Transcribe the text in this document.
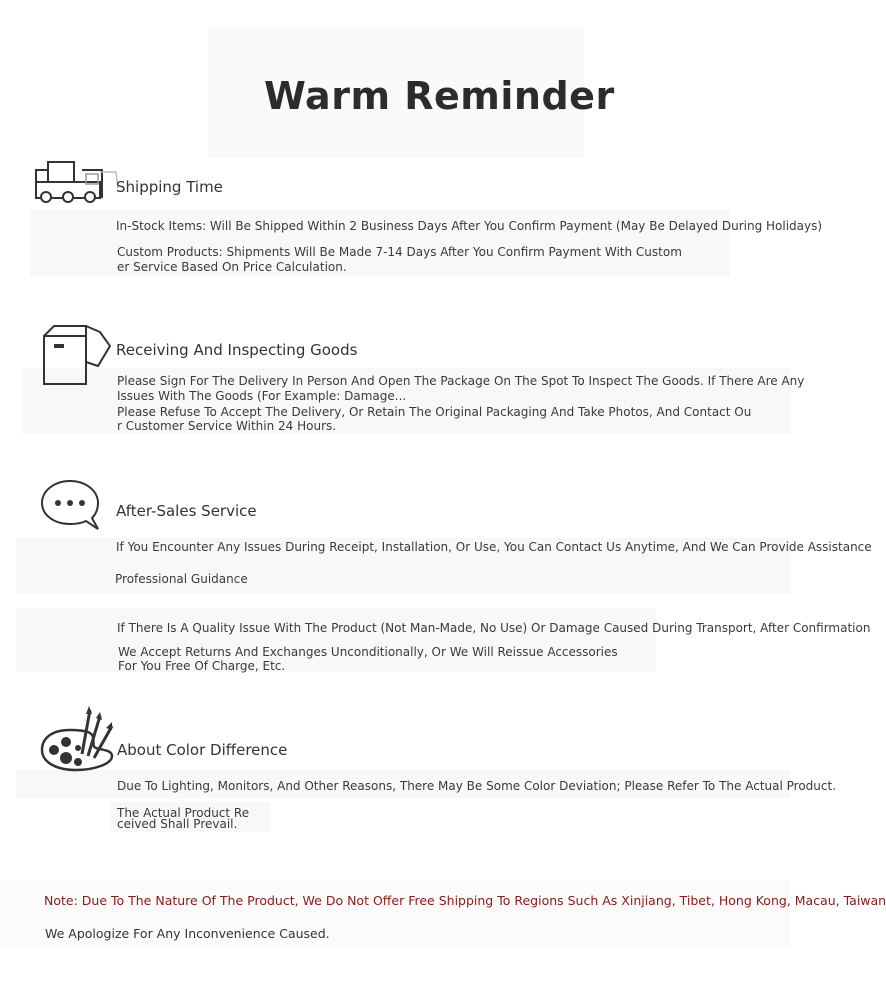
Warm Reminder
Shipping Time
In-Stock Items: Will Be Shipped Within 2 Business Days After You Confirm Payment (May Be Delayed During Holidays)
Custom Products: Shipments Will Be Made 7-14 Days After You Confirm Payment With Custom
er Service Based On Price Calculation.
Receiving And Inspecting Goods
Please Sign For The Delivery In Person And Open The Package On The Spot To Inspect The Goods. If There Are Any
Issues With The Goods (For Example: Damage...
Please Refuse To Accept The Delivery, Or Retain The Original Packaging And Take Photos, And Contact Ou
r Customer Service Within 24 Hours.
After-Sales Service
If You Encounter Any Issues During Receipt, Installation, Or Use, You Can Contact Us Anytime, And We Can Provide Assistance
Professional Guidance
If There Is A Quality Issue With The Product (Not Man-Made, No Use) Or Damage Caused During Transport, After Confirmation
We Accept Returns And Exchanges Unconditionally, Or We Will Reissue Accessories
For You Free Of Charge, Etc.
About Color Difference
Due To Lighting, Monitors, And Other Reasons, There May Be Some Color Deviation; Please Refer To The Actual Product.
The Actual Product Re
ceived Shall Prevail.
Note: Due To The Nature Of The Product, We Do Not Offer Free Shipping To Regions Such As Xinjiang, Tibet, Hong Kong, Macau, Taiwan
We Apologize For Any Inconvenience Caused.
